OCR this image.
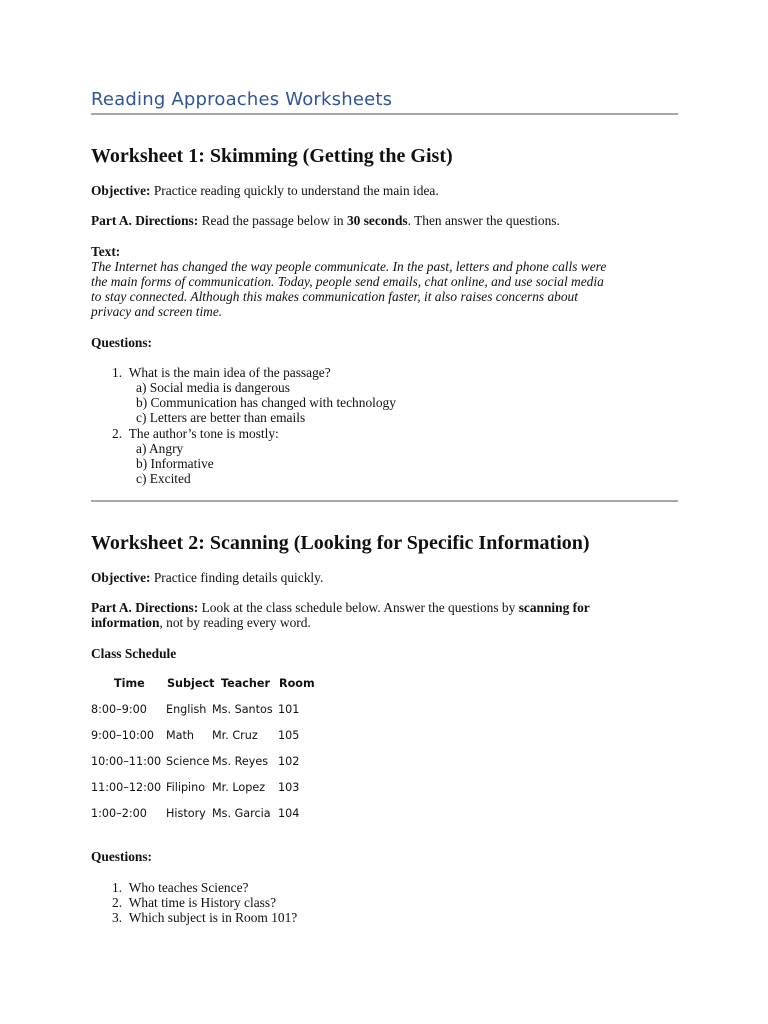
Reading Approaches Worksheets
Worksheet 1: Skimming (Getting the Gist)
Objective: Practice reading quickly to understand the main idea.
Part A. Directions: Read the passage below in 30 seconds. Then answer the questions.
Text:
The Internet has changed the way people communicate. In the past, letters and phone calls were
the main forms of communication. Today, people send emails, chat online, and use social media
to stay connected. Although this makes communication faster, it also raises concerns about
privacy and screen time.
Questions:
1. What is the main idea of the passage?
a) Social media is dangerous
b) Communication has changed with technology
c) Letters are better than emails
2. The author’s tone is mostly:
a) Angry
b) Informative
c) Excited
Worksheet 2: Scanning (Looking for Specific Information)
Objective: Practice finding details quickly.
Part A. Directions: Look at the class schedule below. Answer the questions by scanning for
information, not by reading every word.
Class Schedule
Time Subject Teacher Room
8:00–9:00 English Ms. Santos 101
9:00–10:00 Math Mr. Cruz 105
10:00–11:00 Science Ms. Reyes 102
11:00–12:00 Filipino Mr. Lopez 103
1:00–2:00 History Ms. Garcia 104
Questions:
1. Who teaches Science?
2. What time is History class?
3. Which subject is in Room 101?
